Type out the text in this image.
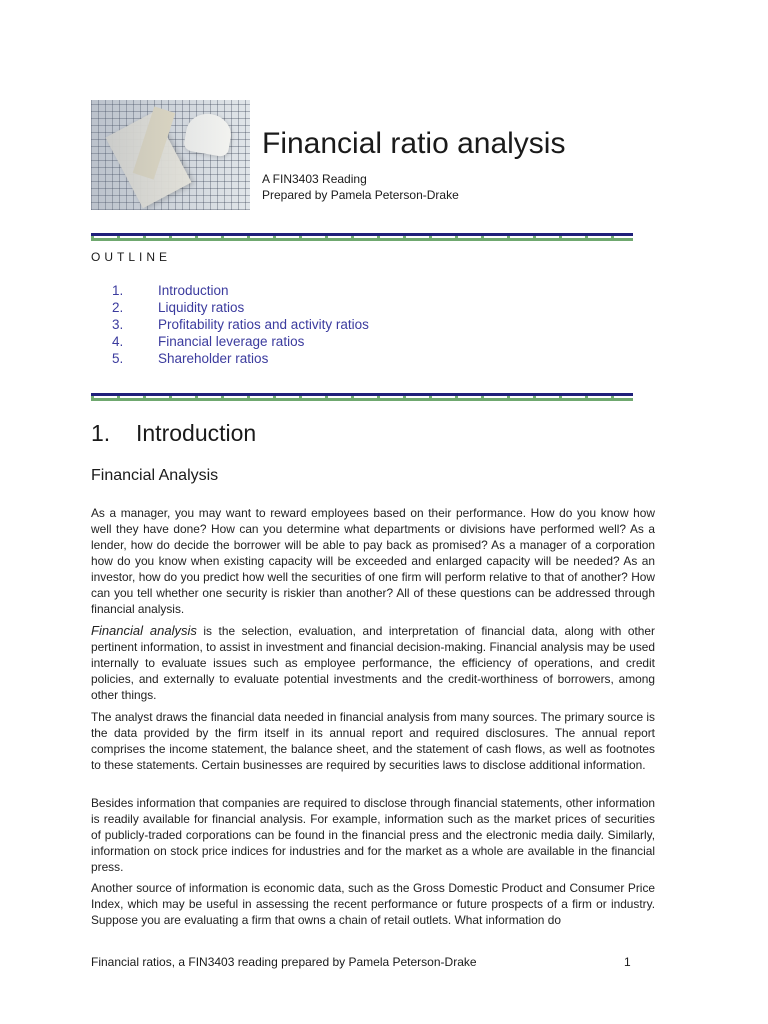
Financial ratio analysis
A FIN3403 Reading
Prepared by Pamela Peterson-Drake
OUTLINE
1.	Introduction
2.	Liquidity ratios
3.	Profitability ratios and activity ratios
4.	Financial leverage ratios
5.	Shareholder ratios
1. Introduction
Financial Analysis
As a manager, you may want to reward employees based on their performance. How do you know how well they have done? How can you determine what departments or divisions have performed well? As a lender, how do decide the borrower will be able to pay back as promised? As a manager of a corporation how do you know when existing capacity will be exceeded and enlarged capacity will be needed? As an investor, how do you predict how well the securities of one firm will perform relative to that of another? How can you tell whether one security is riskier than another? All of these questions can be addressed through financial analysis.
Financial analysis is the selection, evaluation, and interpretation of financial data, along with other pertinent information, to assist in investment and financial decision-making. Financial analysis may be used internally to evaluate issues such as employee performance, the efficiency of operations, and credit policies, and externally to evaluate potential investments and the credit-worthiness of borrowers, among other things.
The analyst draws the financial data needed in financial analysis from many sources. The primary source is the data provided by the firm itself in its annual report and required disclosures. The annual report comprises the income statement, the balance sheet, and the statement of cash flows, as well as footnotes to these statements. Certain businesses are required by securities laws to disclose additional information.
Besides information that companies are required to disclose through financial statements, other information is readily available for financial analysis. For example, information such as the market prices of securities of publicly-traded corporations can be found in the financial press and the electronic media daily. Similarly, information on stock price indices for industries and for the market as a whole are available in the financial press.
Another source of information is economic data, such as the Gross Domestic Product and Consumer Price Index, which may be useful in assessing the recent performance or future prospects of a firm or industry. Suppose you are evaluating a firm that owns a chain of retail outlets. What information do
Financial ratios, a FIN3403 reading prepared by Pamela Peterson-Drake	1
